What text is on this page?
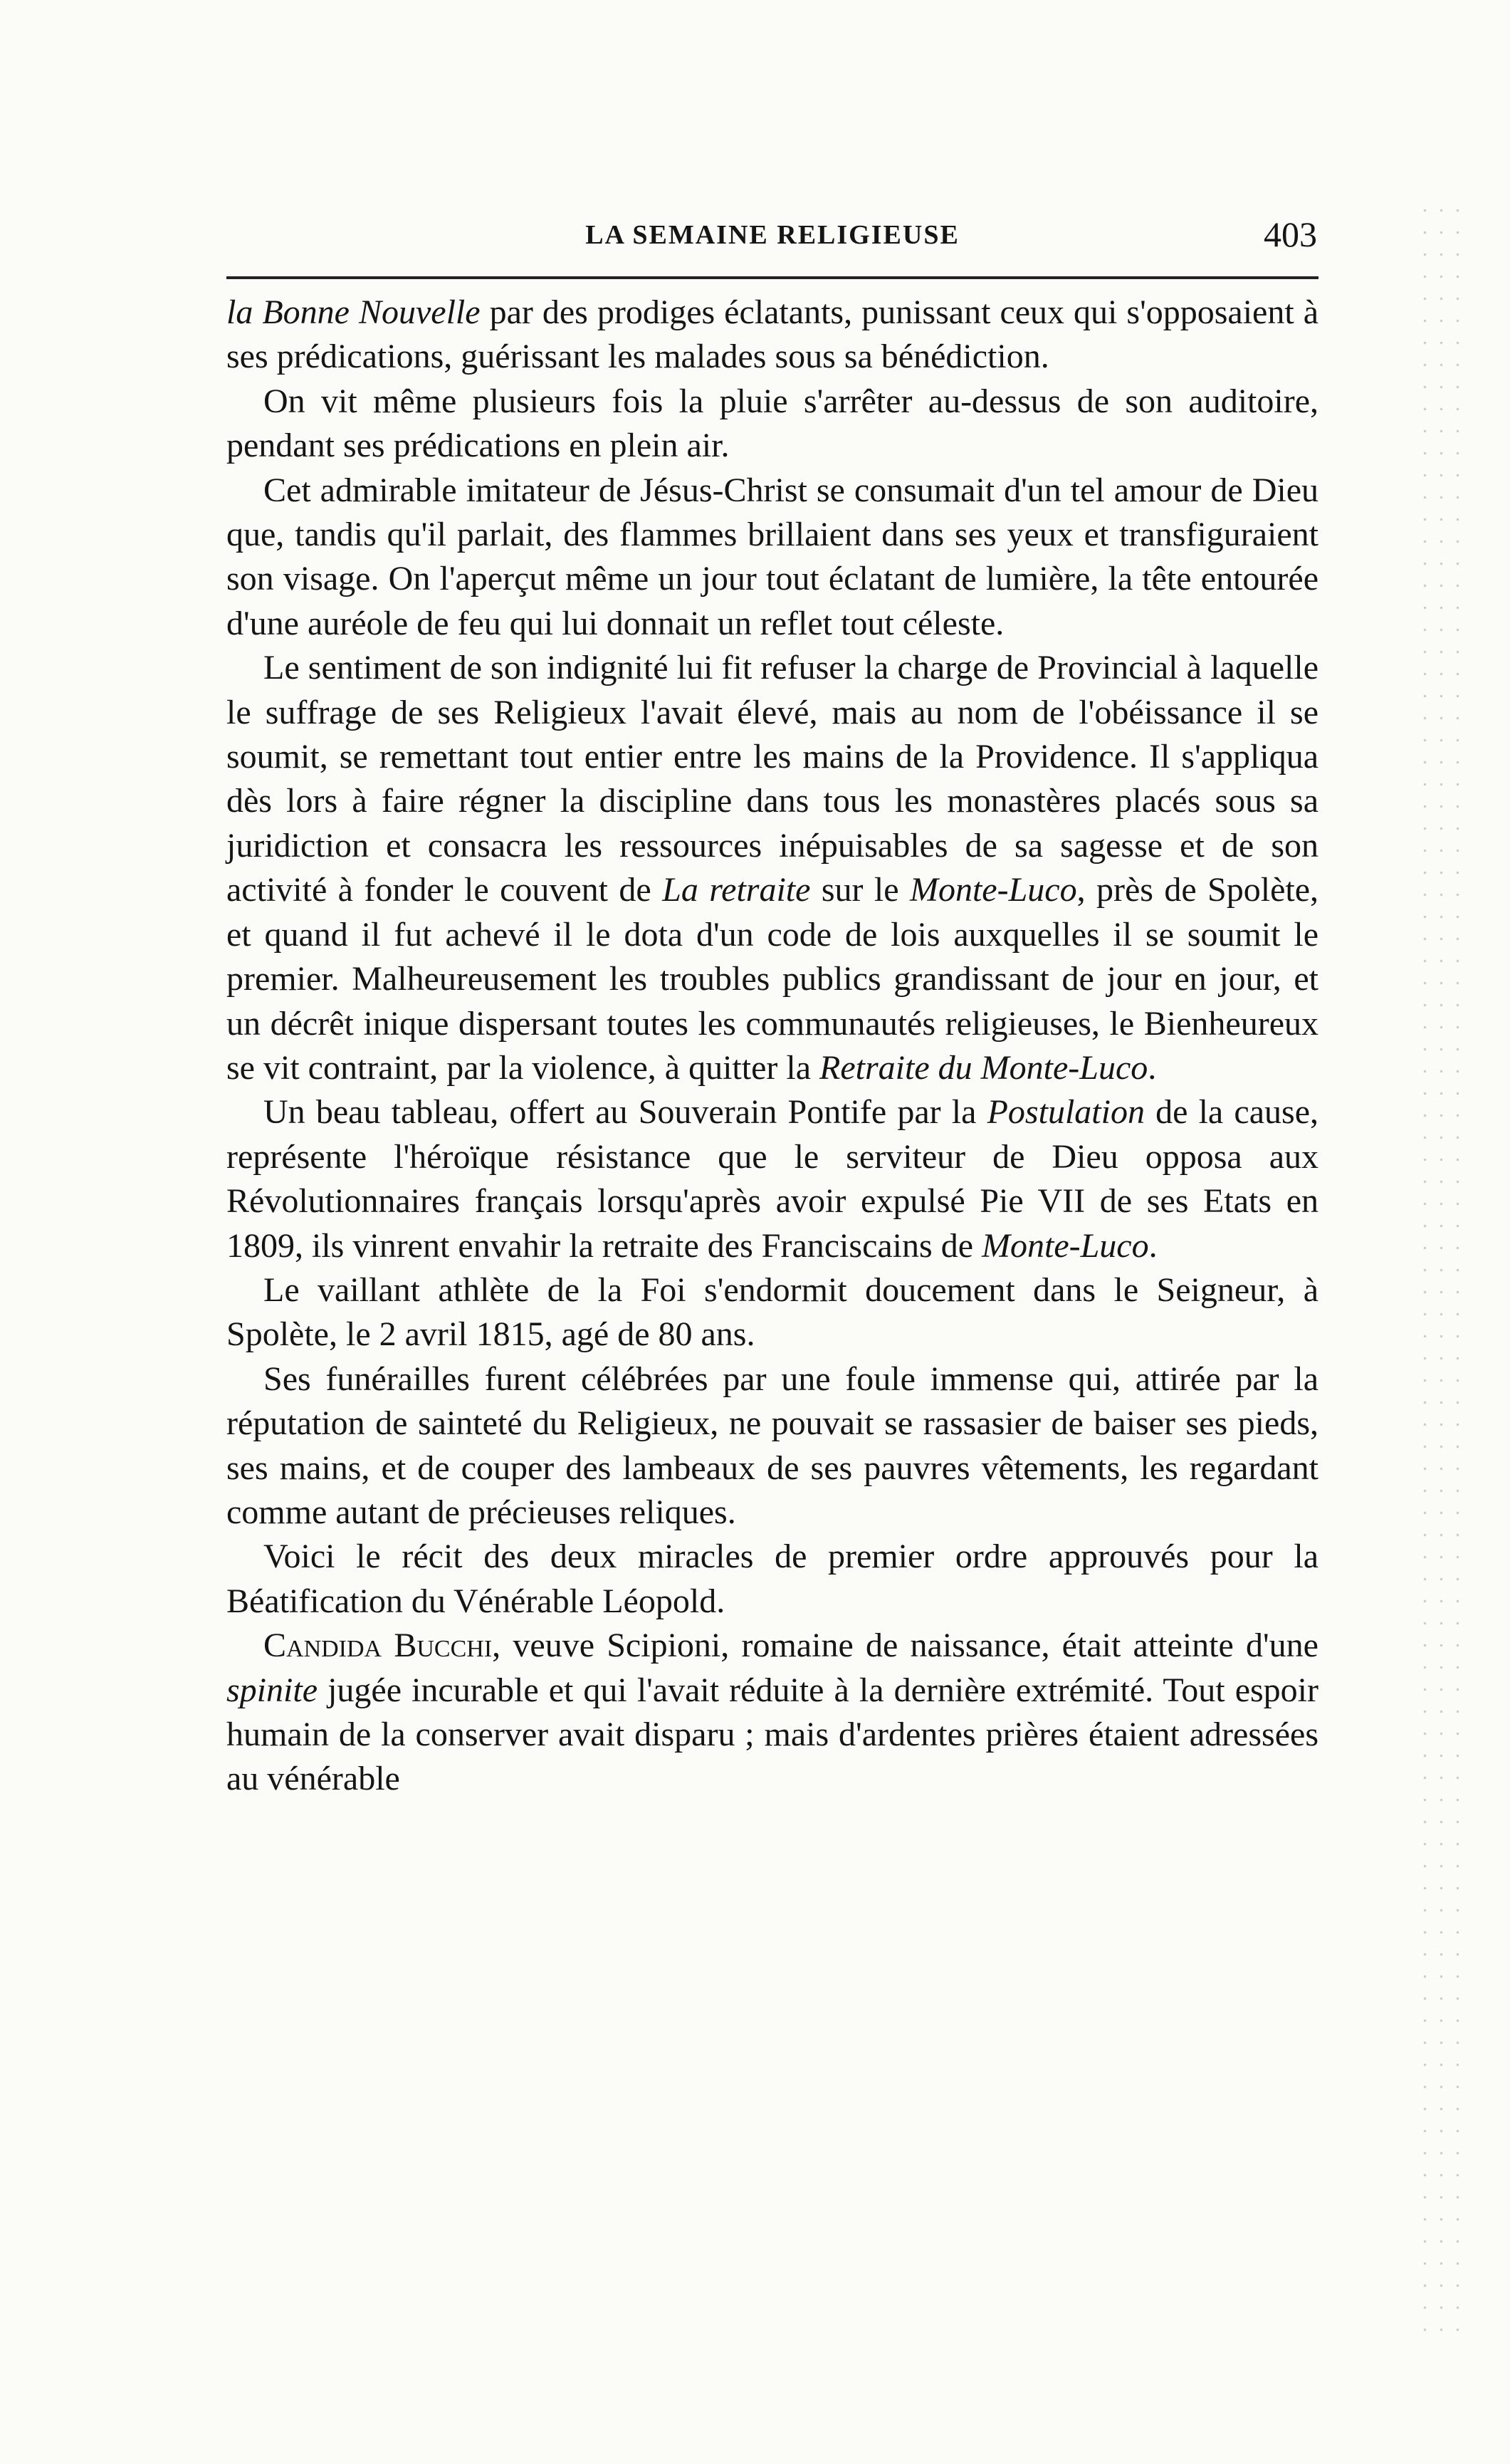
LA SEMAINE RELIGIEUSE	403

la Bonne Nouvelle par des prodiges éclatants, punissant ceux qui s'opposaient à ses prédications, guérissant les malades sous sa bénédiction.

On vit même plusieurs fois la pluie s'arrêter au-dessus de son auditoire, pendant ses prédications en plein air.

Cet admirable imitateur de Jésus-Christ se consumait d'un tel amour de Dieu que, tandis qu'il parlait, des flammes brillaient dans ses yeux et transfiguraient son visage. On l'aperçut même un jour tout éclatant de lumière, la tête entourée d'une auréole de feu qui lui donnait un reflet tout céleste.

Le sentiment de son indignité lui fit refuser la charge de Provincial à laquelle le suffrage de ses Religieux l'avait élevé, mais au nom de l'obéissance il se soumit, se remettant tout entier entre les mains de la Providence. Il s'appliqua dès lors à faire régner la discipline dans tous les monastères placés sous sa juridiction et consacra les ressources inépuisables de sa sagesse et de son activité à fonder le couvent de La retraite sur le Monte-Luco, près de Spolète, et quand il fut achevé il le dota d'un code de lois auxquelles il se soumit le premier. Malheureusement les troubles publics grandissant de jour en jour, et un décrêt inique dispersant toutes les communautés religieuses, le Bienheureux se vit contraint, par la violence, à quitter la Retraite du Monte-Luco.

Un beau tableau, offert au Souverain Pontife par la Postulation de la cause, représente l'héroïque résistance que le serviteur de Dieu opposa aux Révolutionnaires français lorsqu'après avoir expulsé Pie VII de ses Etats en 1809, ils vinrent envahir la retraite des Franciscains de Monte-Luco.

Le vaillant athlète de la Foi s'endormit doucement dans le Seigneur, à Spolète, le 2 avril 1815, agé de 80 ans.

Ses funérailles furent célébrées par une foule immense qui, attirée par la réputation de sainteté du Religieux, ne pouvait se rassasier de baiser ses pieds, ses mains, et de couper des lambeaux de ses pauvres vêtements, les regardant comme autant de précieuses reliques.

Voici le récit des deux miracles de premier ordre approuvés pour la Béatification du Vénérable Léopold.

Candida Bucchi, veuve Scipioni, romaine de naissance, était atteinte d'une spinite jugée incurable et qui l'avait réduite à la dernière extrémité. Tout espoir humain de la conserver avait disparu ; mais d'ardentes prières étaient adressées au vénérable
